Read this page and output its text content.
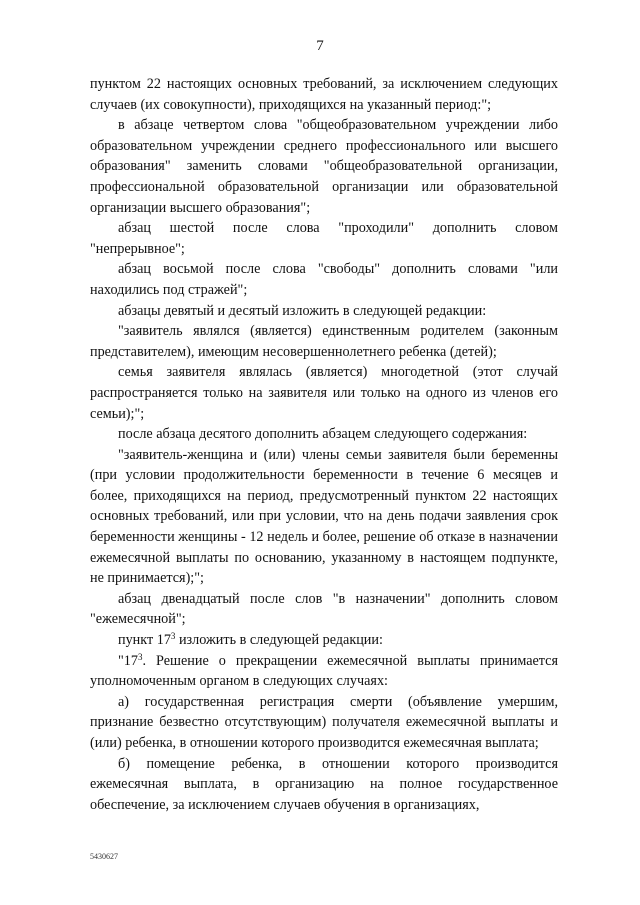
7

пунктом 22 настоящих основных требований, за исключением следующих случаев (их совокупности), приходящихся на указанный период:";

в абзаце четвертом слова "общеобразовательном учреждении либо образовательном учреждении среднего профессионального или высшего образования" заменить словами "общеобразовательной организации, профессиональной образовательной организации или образовательной организации высшего образования";

абзац шестой после слова "проходили" дополнить словом "непрерывное";

абзац восьмой после слова "свободы" дополнить словами "или находились под стражей";

абзацы девятый и десятый изложить в следующей редакции:

"заявитель являлся (является) единственным родителем (законным представителем), имеющим несовершеннолетнего ребенка (детей);

семья заявителя являлась (является) многодетной (этот случай распространяется только на заявителя или только на одного из членов его семьи);";

после абзаца десятого дополнить абзацем следующего содержания:

"заявитель-женщина и (или) члены семьи заявителя были беременны (при условии продолжительности беременности в течение 6 месяцев и более, приходящихся на период, предусмотренный пунктом 22 настоящих основных требований, или при условии, что на день подачи заявления срок беременности женщины - 12 недель и более, решение об отказе в назначении ежемесячной выплаты по основанию, указанному в настоящем подпункте, не принимается);";

абзац двенадцатый после слов "в назначении" дополнить словом "ежемесячной";

пункт $17^3$ изложить в следующей редакции:

"$17^3$. Решение о прекращении ежемесячной выплаты принимается уполномоченным органом в следующих случаях:

а) государственная регистрация смерти (объявление умершим, признание безвестно отсутствующим) получателя ежемесячной выплаты и (или) ребенка, в отношении которого производится ежемесячная выплата;

б) помещение ребенка, в отношении которого производится ежемесячная выплата, в организацию на полное государственное обеспечение, за исключением случаев обучения в организациях,

5430627
